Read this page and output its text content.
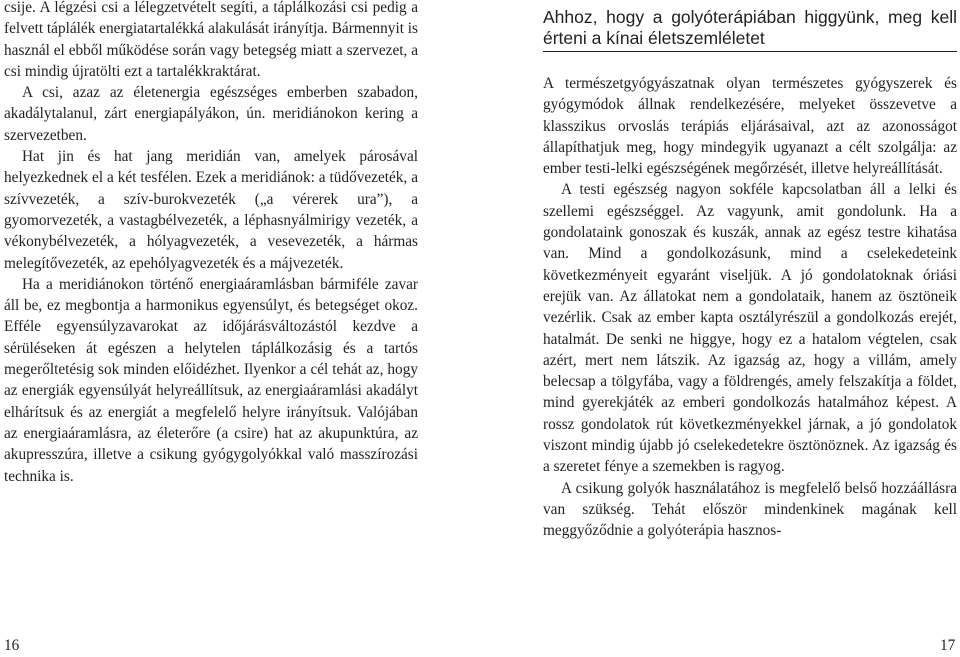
csije. A légzési csi a lélegzetvételt segíti, a táplálkozási csi pedig a felvett táplálék energiatartalékká alakulását irányítja. Bármennyit is használ el ebből működése során vagy betegség miatt a szervezet, a csi mindig újratölti ezt a tartalékkraktárat.

A csi, azaz az életenergia egészséges emberben szabadon, akadálytalanul, zárt energiapályákon, ún. meridiánokon kering a szervezetben.

Hat jin és hat jang meridián van, amelyek párosával helyezkednek el a két tesfélen. Ezek a meridiánok: a tüdővezeték, a szívvezeték, a szív-burokvezeték („a vérerek ura”), a gyomorvezeték, a vastagbélvezeték, a léphasnyálmirigy vezeték, a vékonybélvezeték, a hólyagvezeték, a vesevezeték, a hármas melegítővezeték, az epehólyagvezeték és a májvezeték.

Ha a meridiánokon történő energiaáramlásban bármiféle zavar áll be, ez megbontja a harmonikus egyensúlyt, és betegséget okoz. Efféle egyensúlyzavarokat az időjárásváltozástól kezdve a sérüléseken át egészen a helytelen táplálkozásig és a tartós megerőltetésig sok minden előidézhet. Ilyenkor a cél tehát az, hogy az energiák egyensúlyát helyreállítsuk, az energiaáramlási akadályt elhárítsuk és az energiát a megfelelő helyre irányítsuk. Valójában az energiaáramlásra, az életerőre (a csire) hat az akupunktúra, az akupresszúra, illetve a csikung gyógygolyókkal való masszírozási technika is.

Ahhoz, hogy a golyóterápiában higgyünk, meg kell érteni a kínai életszemléletet

A természetgyógyászatnak olyan természetes gyógyszerek és gyógymódok állnak rendelkezésére, melyeket összevetve a klasszikus orvoslás terápiás eljárásaival, azt az azonosságot állapíthatjuk meg, hogy mindegyik ugyanazt a célt szolgálja: az ember testi-lelki egészségének megőrzését, illetve helyreállítását.

A testi egészség nagyon sokféle kapcsolatban áll a lelki és szellemi egészséggel. Az vagyunk, amit gondolunk. Ha a gondolataink gonoszak és kuszák, annak az egész testre kihatása van. Mind a gondolkozásunk, mind a cselekedeteink következményeit egyaránt viseljük. A jó gondolatoknak óriási erejük van. Az állatokat nem a gondolataik, hanem az ösztöneik vezérlik. Csak az ember kapta osztályrészül a gondolkozás erejét, hatalmát. De senki ne higgye, hogy ez a hatalom végtelen, csak azért, mert nem látszik. Az igazság az, hogy a villám, amely belecsap a tölgyfába, vagy a földrengés, amely felszakítja a földet, mind gyerekjáték az emberi gondolkozás hatalmához képest. A rossz gondolatok rút következményekkel járnak, a jó gondolatok viszont mindig újabb jó cselekedetekre ösztönöznek. Az igazság és a szeretet fénye a szemekben is ragyog.

A csikung golyók használatához is megfelelő belső hozzáállásra van szükség. Tehát először mindenkinek magának kell meggyőződnie a golyóterápia hasznos-

16	17
